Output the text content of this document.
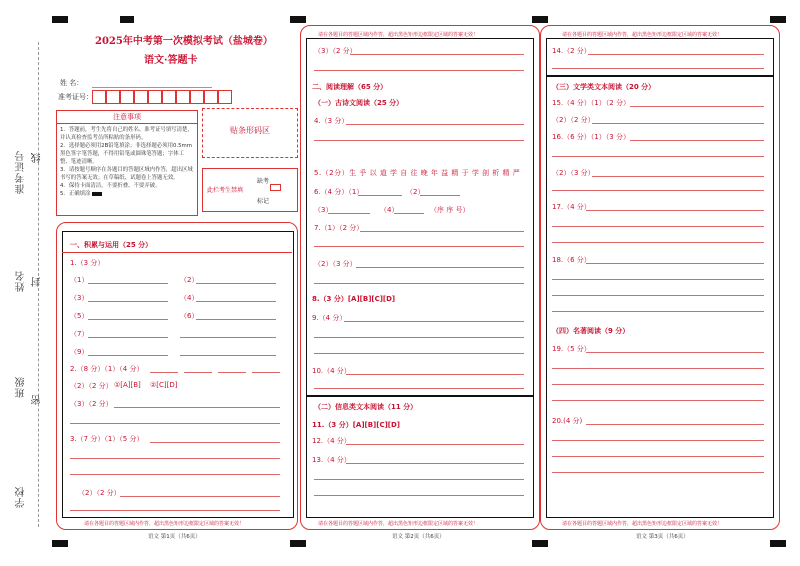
准考证号 线
姓名 封
班级
密
学校
2025年中考第一次模拟考试（盐城卷）
语文·答题卡
姓 名：
准考证号：
注意事项

1．答题前，考生先将自己的姓名、准考证号填写清楚，并认真检查监考员所粘贴的条形码。

2．选择题必须用2B铅笔填涂；非选择题必须用0.5mm黑色签字笔答题，不得用铅笔或圆珠笔答题；字体工整、笔迹清晰。

3．请按题号顺序在各题目的答题区域内作答，超出区域书写的答案无效；在草稿纸、试题卷上答题无效。

4．保持卡面清洁，不要折叠、不要弄破。

5．正确填涂

贴条形码区
此栏考生禁填
缺考
标记
请在各题目的答题区域内作答，超出黑色矩形边框限定区域的答案无效！
语文 第1页（共6页）
一、积累与运用（25 分）
1.（3 分）
（1）	（2）
（3）	（4）
（5）	（6）
（7）
（9）
2.（8 分）（1）（4 分）
（2）（2 分） ①[A][B] ②[C][D]
（3）（2 分）
3.（7 分）（1）（5 分）
（2）（2 分）
请在各题目的答题区域内作答，超出黑色矩形边框限定区域的答案无效！
请在各题目的答题区域内作答，超出黑色矩形边框限定区域的答案无效！
语文 第2页（共6页）
（3）（2 分）
二、阅读理解（65 分）
（一）古诗文阅读（25 分）
4.（3 分）
5.（2分）生 乎 以 道 学 自 往 晚 年 益 精 于 学 剖 析 精 严
6.（4 分）（1）	（2）
（3）	（4）	（序 序 号）
7.（1）（2 分）
（2）（3 分）
8.（3 分）[A][B][C][D]
9.（4 分）
10.（4 分）
（二）信息类文本阅读（11 分）
11.（3 分）[A][B][C][D]
12.（4 分）
13.（4 分）
请在各题目的答题区域内作答，超出黑色矩形边框限定区域的答案无效！
请在各题目的答题区域内作答，超出黑色矩形边框限定区域的答案无效！
语文 第3页（共6页）
14.（2 分）
（三）文学类文本阅读（20 分）
15.（4 分）（1）（2 分）
（2）（2 分）
16.（6 分）（1）（3 分）
（2）（3 分）
17.（4 分）
18.（6 分）
（四）名著阅读（9 分）
19.（5 分）
20.(4 分)
